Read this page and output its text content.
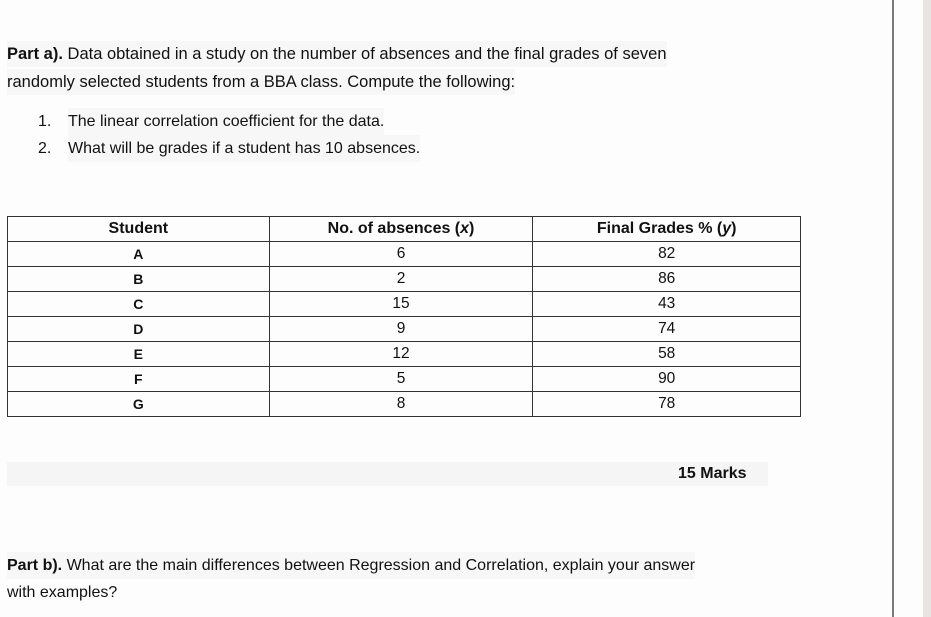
Part a). Data obtained in a study on the number of absences and the final grades of seven
randomly selected students from a BBA class. Compute the following:
1.	The linear correlation coefficient for the data.
2.	What will be grades if a student has 10 absences.
Student	No. of absences (x)	Final Grades % (y)
A	6	82
B	2	86
C	15	43
D	9	74
E	12	58
F	5	90
G	8	78
15 Marks
Part b). What are the main differences between Regression and Correlation, explain your answer
with examples?
